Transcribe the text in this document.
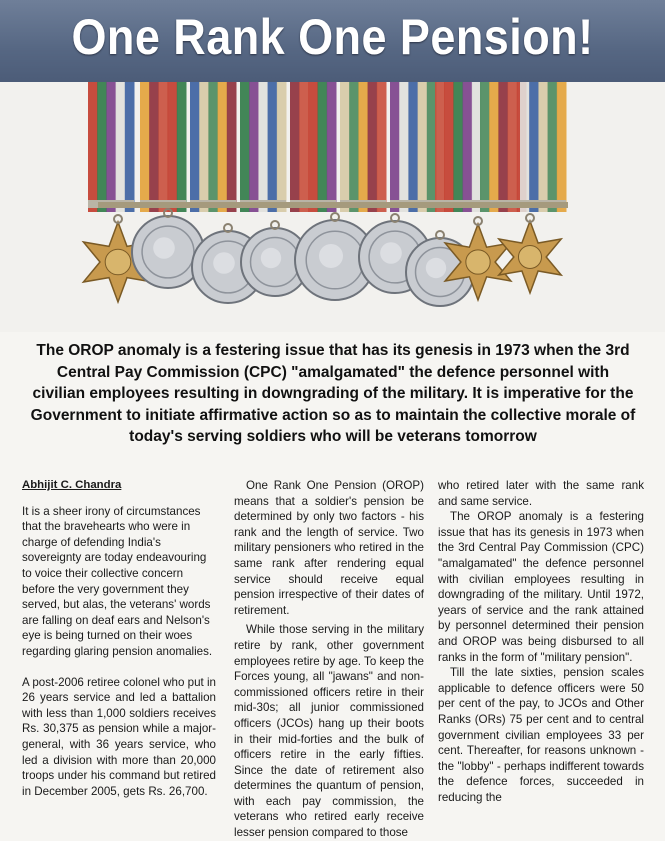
One Rank One Pension!
The OROP anomaly is a festering issue that has its genesis in 1973 when the 3rd Central Pay Commission (CPC) "amalgamated" the defence personnel with civilian employees resulting in downgrading of the military. It is imperative for the Government to initiate affirmative action so as to maintain the collective morale of today's serving soldiers who will be veterans tomorrow

Abhijit C. Chandra

It is a sheer irony of circumstances that the bravehearts who were in charge of defending India's sovereignty are today endeavouring to voice their collective concern before the very government they served, but alas, the veterans' words are falling on deaf ears and Nelson's eye is being turned on their woes regarding glaring pension anomalies.

A post-2006 retiree colonel who put in 26 years service and led a battalion with less than 1,000 soldiers receives Rs. 30,375 as pension while a major-general, with 36 years service, who led a division with more than 20,000 troops under his command but retired in December 2005, gets Rs. 26,700.

One Rank One Pension (OROP) means that a soldier's pension be determined by only two factors - his rank and the length of service. Two military pensioners who retired in the same rank after rendering equal service should receive equal pension irrespective of their dates of retirement.

While those serving in the military retire by rank, other government employees retire by age. To keep the Forces young, all "jawans" and non-commissioned officers retire in their mid-30s; all junior commissioned officers (JCOs) hang up their boots in their mid-forties and the bulk of officers retire in the early fifties. Since the date of retirement also determines the quantum of pension, with each pay commission, the veterans who retired early receive lesser pension compared to those

who retired later with the same rank and same service.

The OROP anomaly is a festering issue that has its genesis in 1973 when the 3rd Central Pay Commission (CPC) "amalgamated" the defence personnel with civilian employees resulting in downgrading of the military. Until 1972, years of service and the rank attained by personnel determined their pension and OROP was being disbursed to all ranks in the form of "military pension".

Till the late sixties, pension scales applicable to defence officers were 50 per cent of the pay, to JCOs and Other Ranks (ORs) 75 per cent and to central government civilian employees 33 per cent. Thereafter, for reasons unknown - the "lobby" - perhaps indifferent towards the defence forces, succeeded in reducing the
